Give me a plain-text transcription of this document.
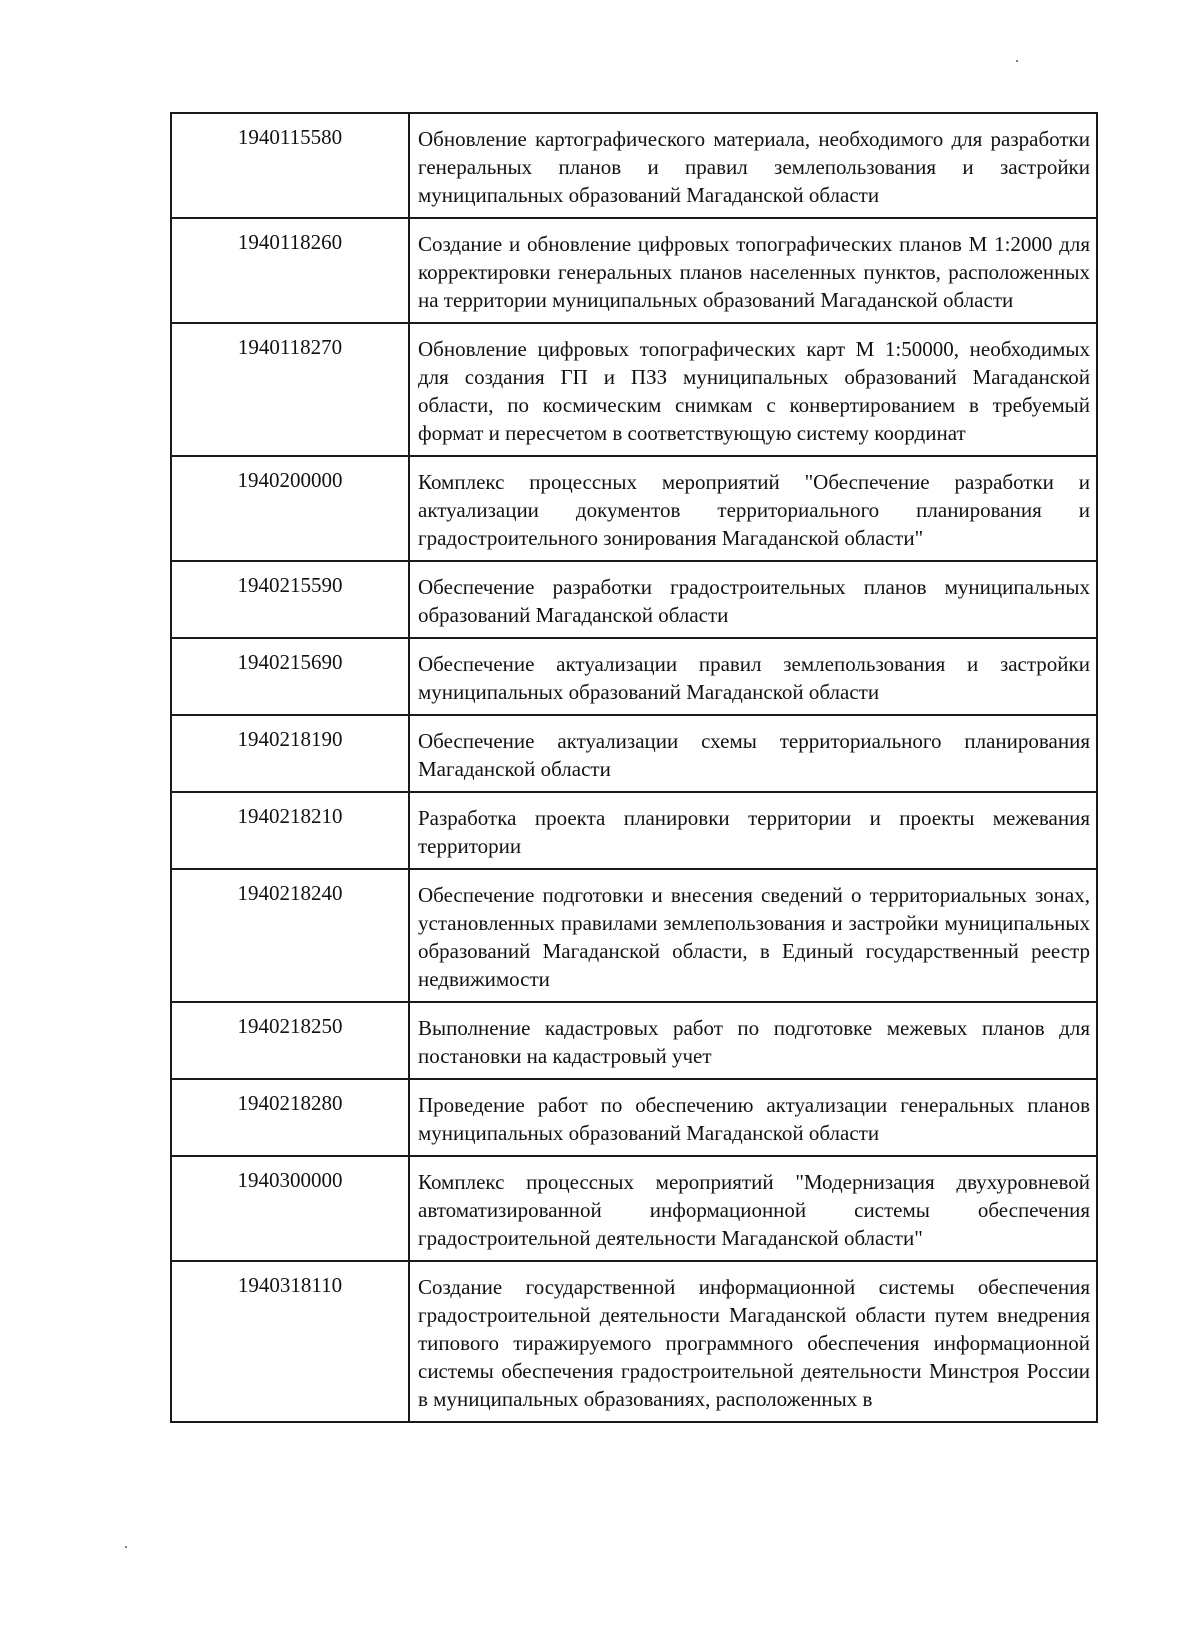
1940115580	Обновление картографического материала, необходимого для разработки генеральных планов и правил землепользования и застройки муниципальных образований Магаданской области
1940118260	Создание и обновление цифровых топографических планов М 1:2000 для корректировки генеральных планов населенных пунктов, расположенных на территории муниципальных образований Магаданской области
1940118270	Обновление цифровых топографических карт М 1:50000, необходимых для создания ГП и ПЗЗ муниципальных образований Магаданской области, по космическим снимкам с конвертированием в требуемый формат и пересчетом в соответствующую систему координат
1940200000	Комплекс процессных мероприятий "Обеспечение разработки и актуализации документов территориального планирования и градостроительного зонирования Магаданской области"
1940215590	Обеспечение разработки градостроительных планов муниципальных образований Магаданской области
1940215690	Обеспечение актуализации правил землепользования и застройки муниципальных образований Магаданской области
1940218190	Обеспечение актуализации схемы территориального планирования Магаданской области
1940218210	Разработка проекта планировки территории и проекты межевания территории
1940218240	Обеспечение подготовки и внесения сведений о территориальных зонах, установленных правилами землепользования и застройки муниципальных образований Магаданской области, в Единый государственный реестр недвижимости
1940218250	Выполнение кадастровых работ по подготовке межевых планов для постановки на кадастровый учет
1940218280	Проведение работ по обеспечению актуализации генеральных планов муниципальных образований Магаданской области
1940300000	Комплекс процессных мероприятий "Модернизация двухуровневой автоматизированной информационной системы обеспечения градостроительной деятельности Магаданской области"
1940318110	Создание государственной информационной системы обеспечения градостроительной деятельности Магаданской области путем внедрения типового тиражируемого программного обеспечения информационной системы обеспечения градостроительной деятельности Минстроя России в муниципальных образованиях, расположенных в
